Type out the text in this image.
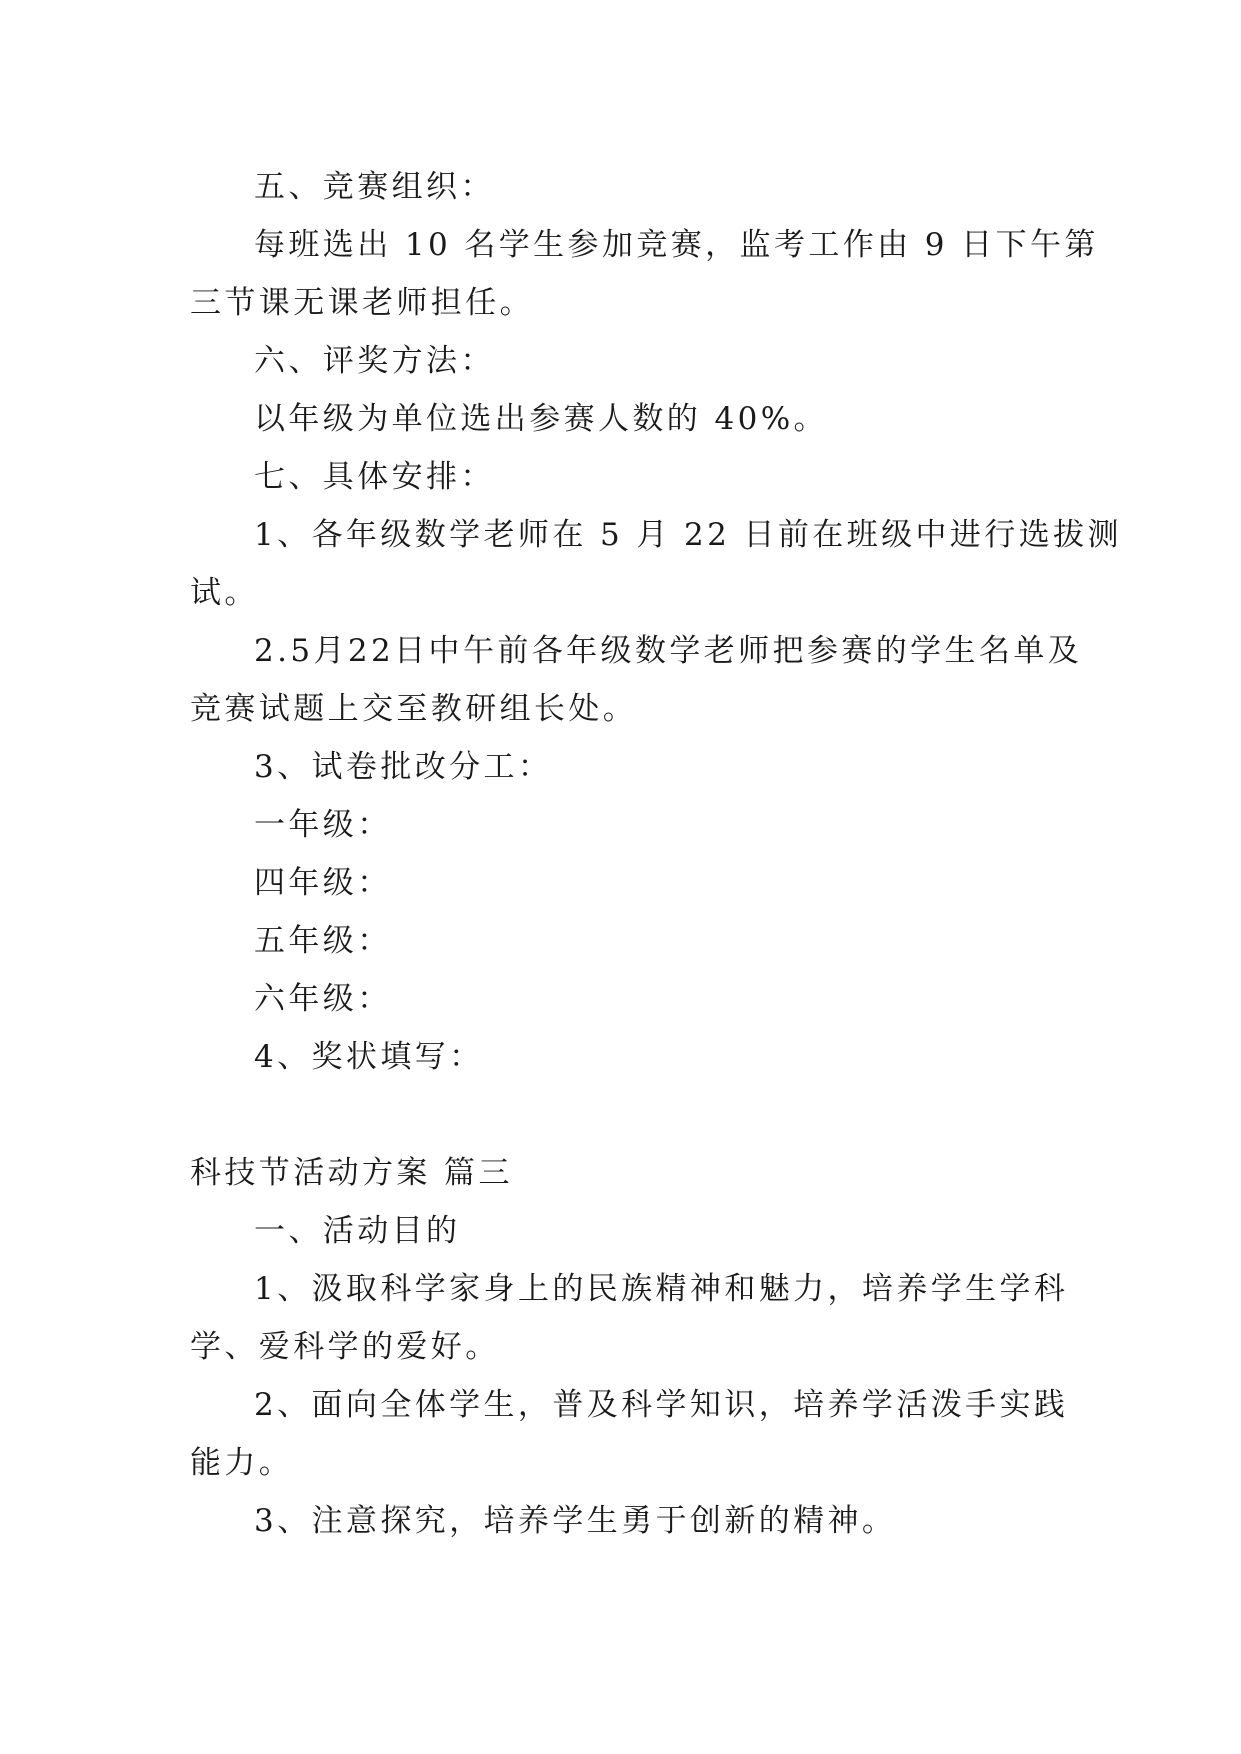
五、竞赛组织：
每班选出 10 名学生参加竞赛，监考工作由 9 日下午第
三节课无课老师担任。
六、评奖方法：
以年级为单位选出参赛人数的 40%。
七、具体安排：
1、各年级数学老师在 5 月 22 日前在班级中进行选拔测
试。
2.5月22日中午前各年级数学老师把参赛的学生名单及
竞赛试题上交至教研组长处。
3、试卷批改分工：
一年级：
四年级：
五年级：
六年级：
4、奖状填写：
科技节活动方案 篇三
一、活动目的
1、汲取科学家身上的民族精神和魅力，培养学生学科
学、爱科学的爱好。
2、面向全体学生，普及科学知识，培养学活泼手实践
能力。
3、注意探究，培养学生勇于创新的精神。
